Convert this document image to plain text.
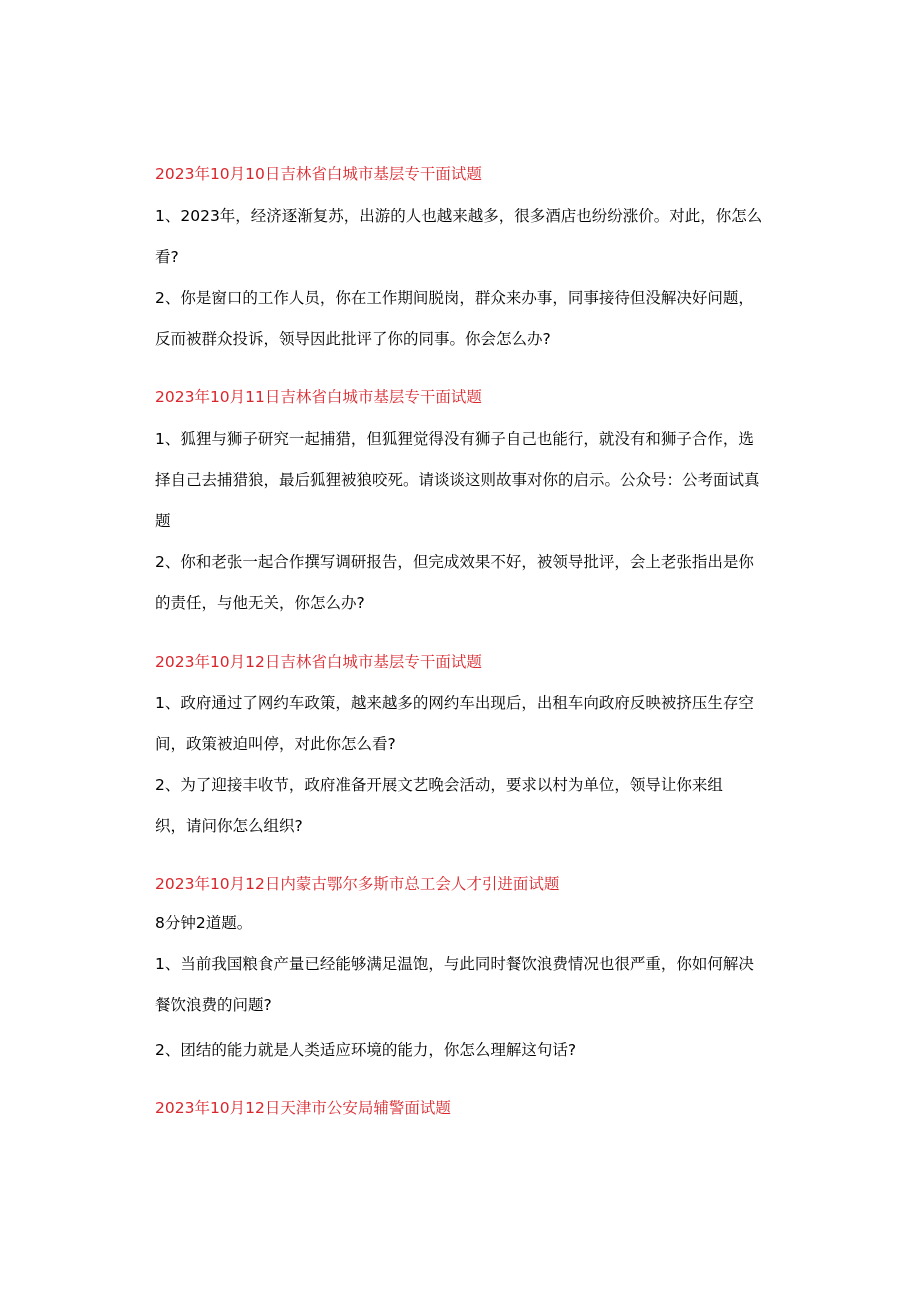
2023年10月10日吉林省白城市基层专干面试题
1、2023年，经济逐渐复苏，出游的人也越来越多，很多酒店也纷纷涨价。对此，你怎么
看?
2、你是窗口的工作人员，你在工作期间脱岗，群众来办事，同事接待但没解决好问题，
反而被群众投诉，领导因此批评了你的同事。你会怎么办?
2023年10月11日吉林省白城市基层专干面试题
1、狐狸与狮子研究一起捕猎，但狐狸觉得没有狮子自己也能行，就没有和狮子合作，选
择自己去捕猎狼，最后狐狸被狼咬死。请谈谈这则故事对你的启示。公众号：公考面试真
题
2、你和老张一起合作撰写调研报告，但完成效果不好，被领导批评，会上老张指出是你
的责任，与他无关，你怎么办?
2023年10月12日吉林省白城市基层专干面试题
1、政府通过了网约车政策，越来越多的网约车出现后，出租车向政府反映被挤压生存空
间，政策被迫叫停，对此你怎么看?
2、为了迎接丰收节，政府准备开展文艺晚会活动，要求以村为单位，领导让你来组
织，请问你怎么组织?
2023年10月12日内蒙古鄂尔多斯市总工会人才引进面试题
8分钟2道题。
1、当前我国粮食产量已经能够满足温饱，与此同时餐饮浪费情况也很严重，你如何解决
餐饮浪费的问题?
2、团结的能力就是人类适应环境的能力，你怎么理解这句话?
2023年10月12日天津市公安局辅警面试题
